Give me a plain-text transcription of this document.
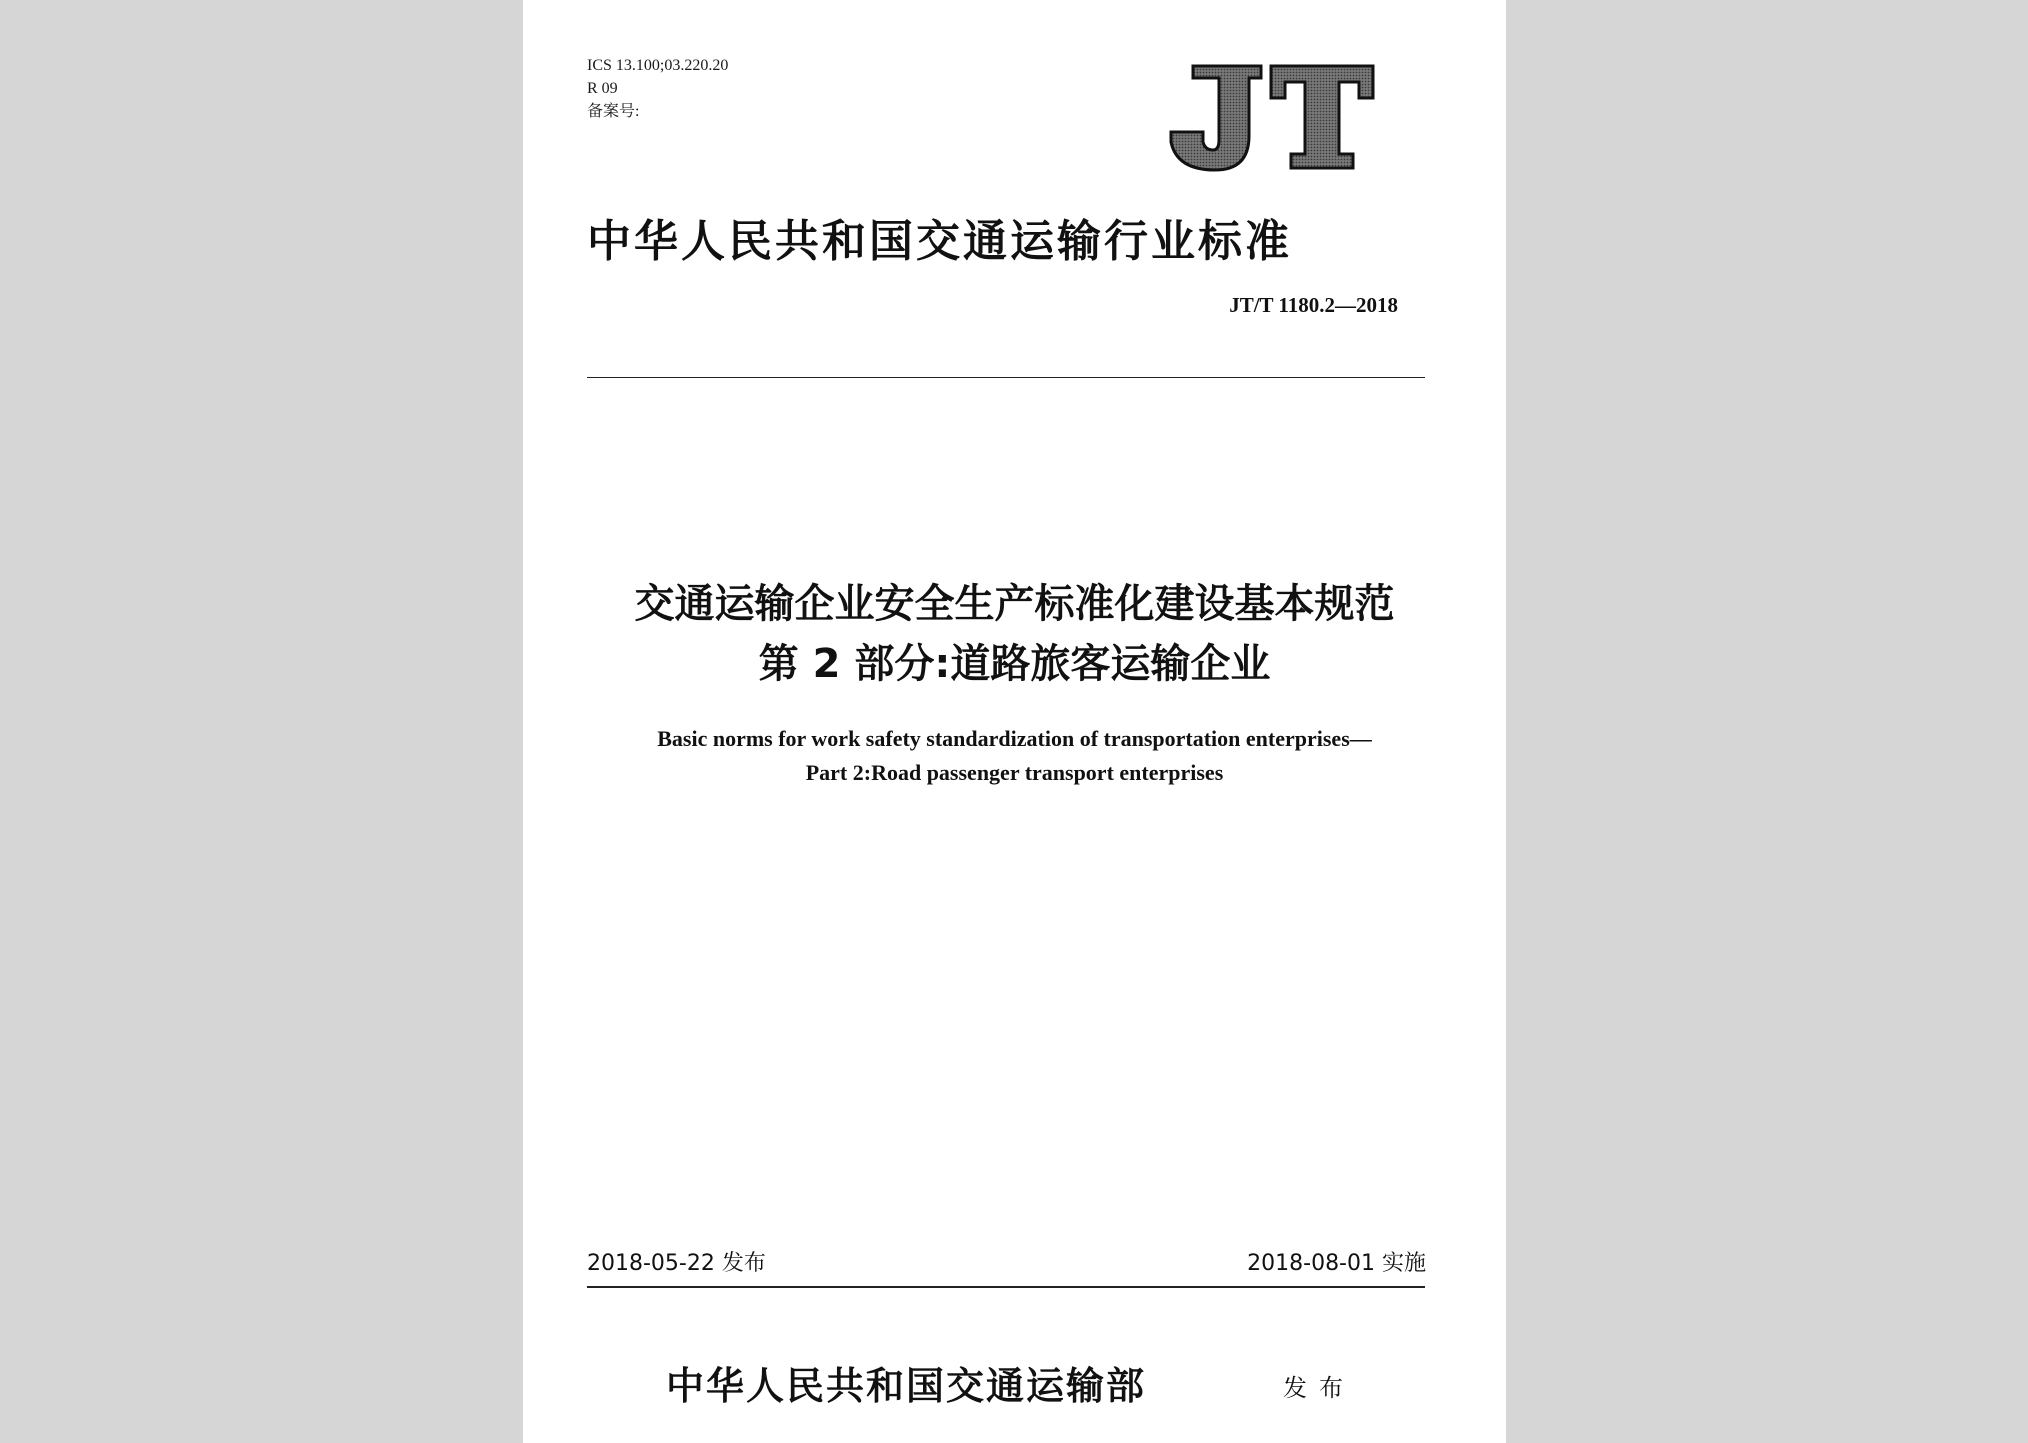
ICS 13.100;03.220.20
R 09
备案号:
中华人民共和国交通运输行业标准
JT/T 1180.2—2018
交通运输企业安全生产标准化建设基本规范
第 2 部分:道路旅客运输企业
Basic norms for work safety standardization of transportation enterprises—
Part 2:Road passenger transport enterprises
2018-05-22 发布	2018-08-01 实施
中华人民共和国交通运输部	发布
